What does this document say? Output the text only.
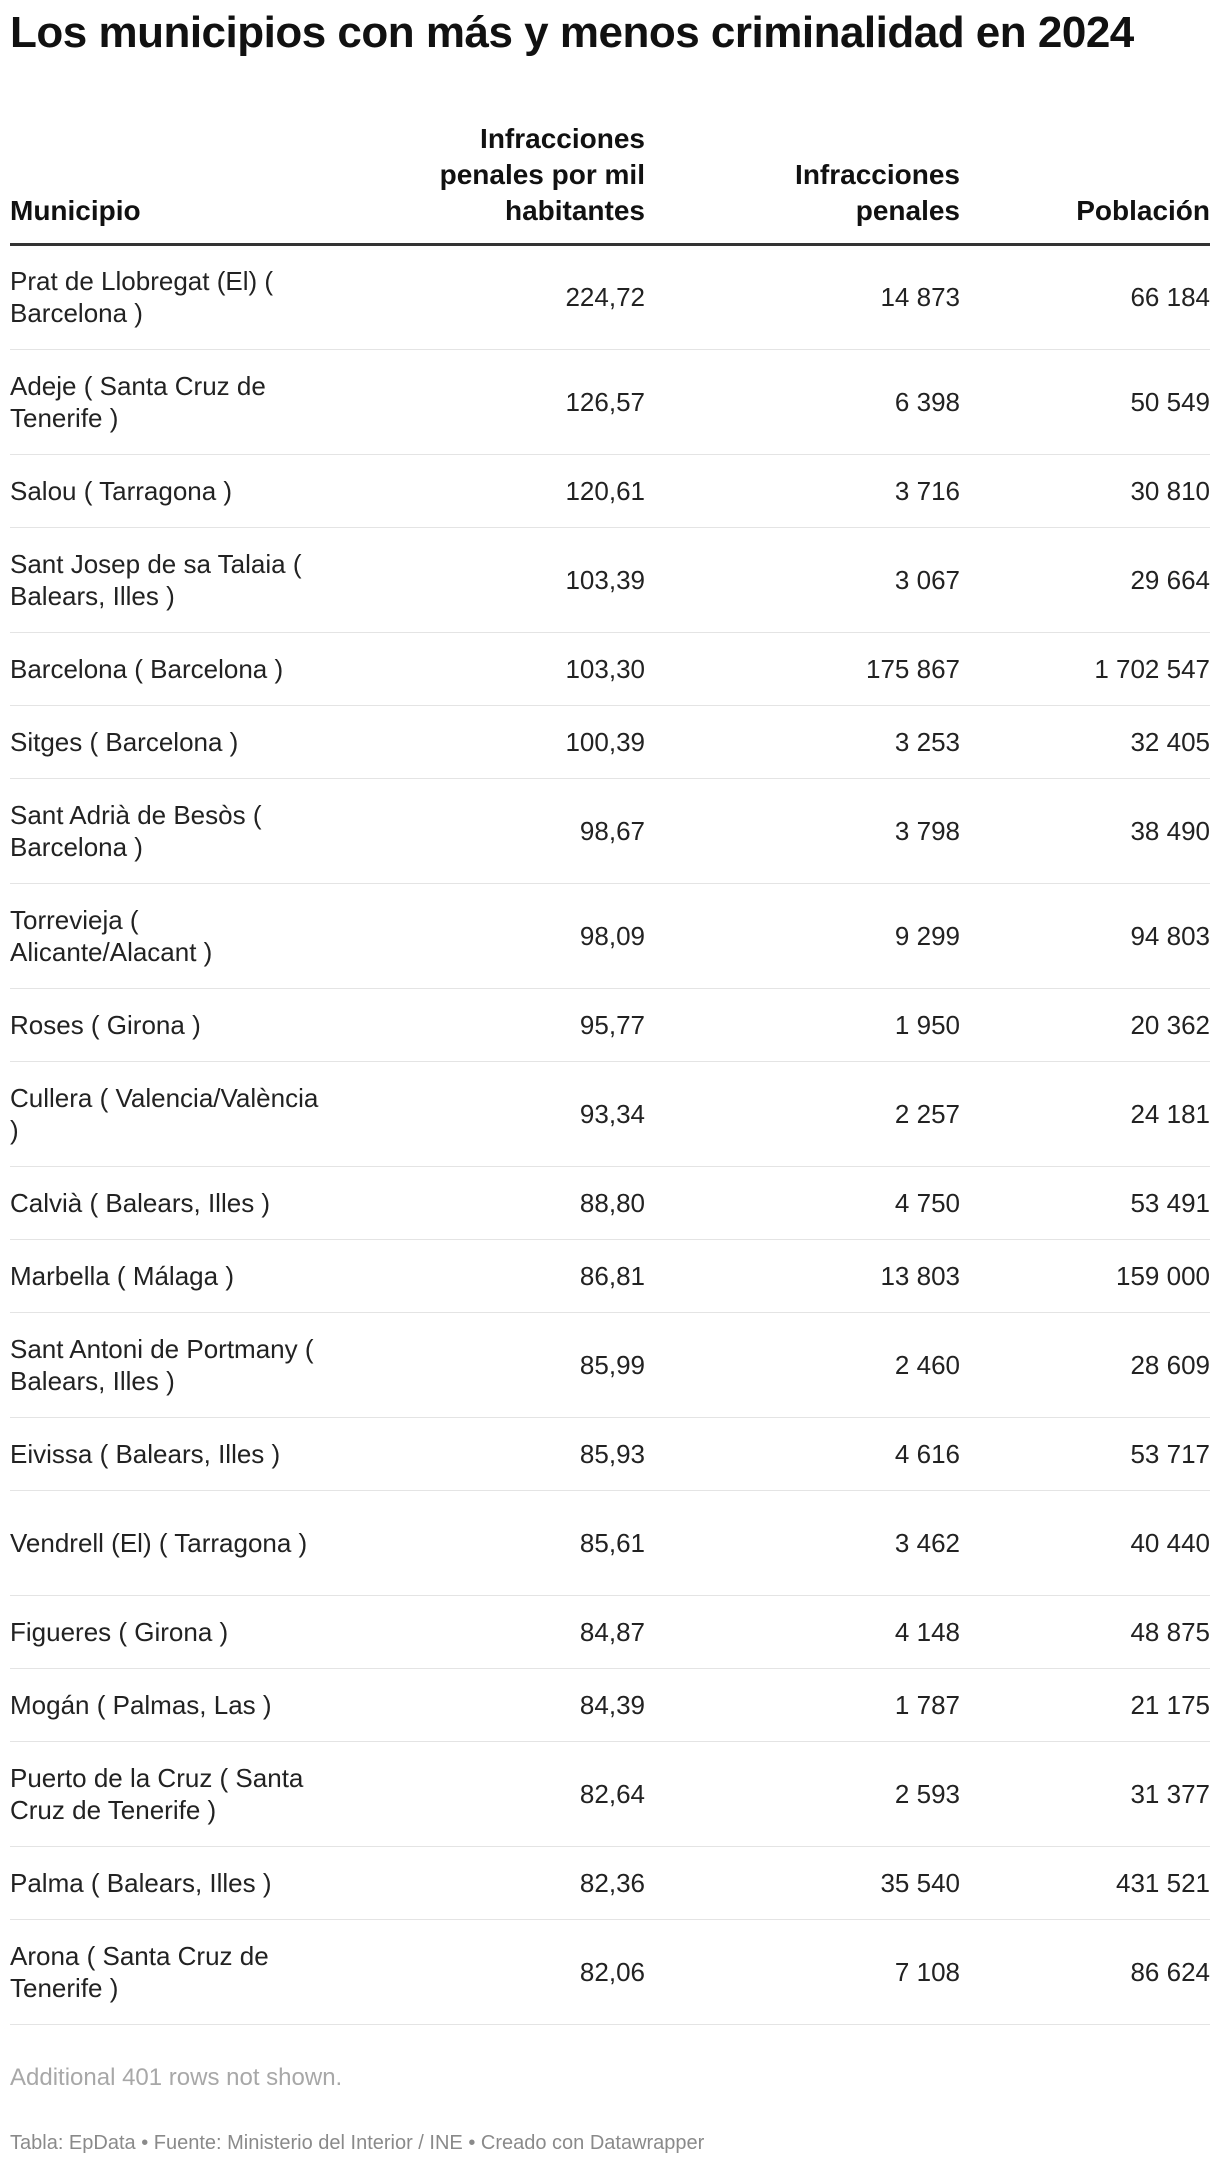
Los municipios con más y menos criminalidad en 2024
Municipio	Infracciones penales por mil habitantes	Infracciones penales	Población
Prat de Llobregat (El) ( Barcelona )	224,72	14 873	66 184
Adeje ( Santa Cruz de Tenerife )	126,57	6 398	50 549
Salou ( Tarragona )	120,61	3 716	30 810
Sant Josep de sa Talaia ( Balears, Illes )	103,39	3 067	29 664
Barcelona ( Barcelona )	103,30	175 867	1 702 547
Sitges ( Barcelona )	100,39	3 253	32 405
Sant Adrià de Besòs ( Barcelona )	98,67	3 798	38 490
Torrevieja ( Alicante/Alacant )	98,09	9 299	94 803
Roses ( Girona )	95,77	1 950	20 362
Cullera ( Valencia/València )	93,34	2 257	24 181
Calvià ( Balears, Illes )	88,80	4 750	53 491
Marbella ( Málaga )	86,81	13 803	159 000
Sant Antoni de Portmany ( Balears, Illes )	85,99	2 460	28 609
Eivissa ( Balears, Illes )	85,93	4 616	53 717
Vendrell (El) ( Tarragona )	85,61	3 462	40 440
Figueres ( Girona )	84,87	4 148	48 875
Mogán ( Palmas, Las )	84,39	1 787	21 175
Puerto de la Cruz ( Santa Cruz de Tenerife )	82,64	2 593	31 377
Palma ( Balears, Illes )	82,36	35 540	431 521
Arona ( Santa Cruz de Tenerife )	82,06	7 108	86 624
Additional 401 rows not shown.
Tabla: EpData • Fuente: Ministerio del Interior / INE • Creado con Datawrapper
